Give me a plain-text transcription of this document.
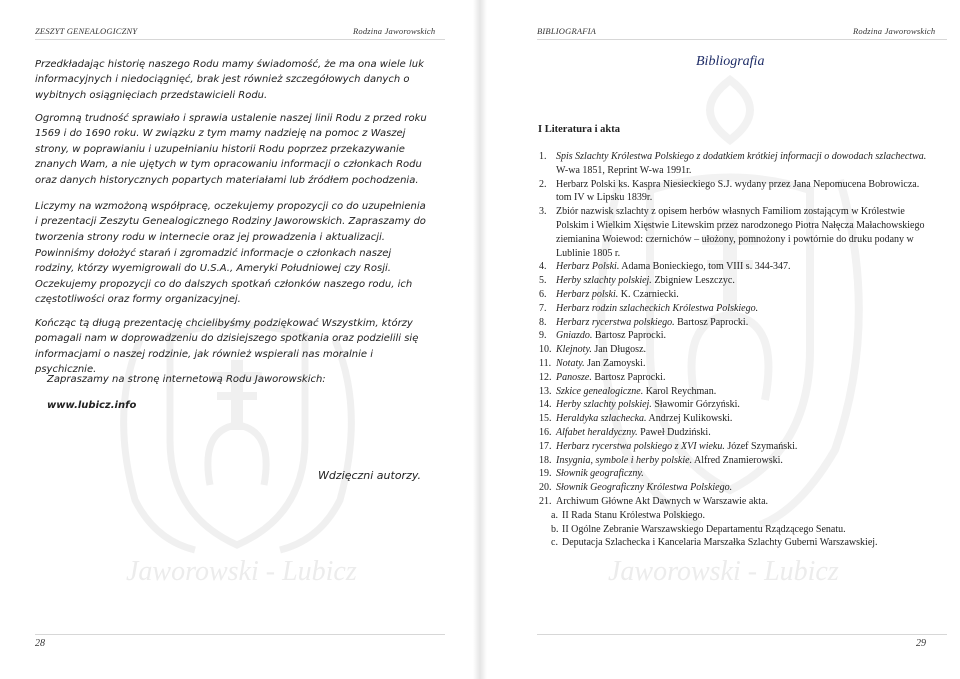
Jaworowski - Lubicz
ZESZYT GENEALOGICZNY	Rodzina Jaworowskich

Przedkładając historię naszego Rodu mamy świadomość, że ma ona wiele luk informacyjnych i niedociągnięć, brak jest również szczegółowych danych o wybitnych osiągnięciach przedstawicieli Rodu.

Ogromną trudność sprawiało i sprawia ustalenie naszej linii Rodu z przed roku 1569 i do 1690 roku. W związku z tym mamy nadzieję na pomoc z Waszej strony, w poprawianiu i uzupełnianiu historii Rodu poprzez przekazywanie znanych Wam, a nie ujętych w tym opracowaniu informacji o członkach Rodu oraz danych historycznych popartych materiałami lub źródłem pochodzenia.

Liczymy na wzmożoną współpracę, oczekujemy propozycji co do uzupełnienia i prezentacji Zeszytu Genealogicznego Rodziny Jaworowskich. Zapraszamy do tworzenia strony rodu w internecie oraz jej prowadzenia i aktualizacji.

Powinniśmy dołożyć starań i zgromadzić informacje o członkach naszej rodziny, którzy wyemigrowali do U.S.A., Ameryki Południowej czy Rosji. Oczekujemy propozycji co do dalszych spotkań członków naszego rodu, ich częstotliwości oraz formy organizacyjnej.

Kończąc tą długą prezentację chcielibyśmy podziękować Wszystkim, którzy pomagali nam w doprowadzeniu do dzisiejszego spotkania oraz podzielili się informacjami o naszej rodzinie, jak również wspierali nas moralnie i psychicznie.

Zapraszamy na stronę internetową Rodu Jaworowskich:

www.lubicz.info
Wdzięczni autorzy.
28
Jaworowski - Lubicz
BIBLIOGRAFIA	Rodzina Jaworowskich
29
Bibliografia
I Literatura i akta
1. Spis Szlachty Królestwa Polskiego z dodatkiem krótkiej informacji o dowodach szlachectwa. W-wa 1851, Reprint W-wa 1991r.
2. Herbarz Polski ks. Kaspra Niesieckiego S.J. wydany przez Jana Nepomucena Bobrowicza. tom IV w Lipsku 1839r.
3. Zbiór nazwisk szlachty z opisem herbów własnych Familiom zostającym w Królestwie Polskim i Wielkim Xięstwie Litewskim przez narodzonego Piotra Nałęcza Małachowskiego ziemianina Woiewod: czernichów – ułożony, pomnożony i powtórnie do druku podany w Lublinie 1805 r.
4. Herbarz Polski. Adama Bonieckiego, tom VIII s. 344-347.
5. Herby szlachty polskiej. Zbigniew Leszczyc.
6. Herbarz polski. K. Czarniecki.
7. Herbarz rodzin szlacheckich Królestwa Polskiego.
8. Herbarz rycerstwa polskiego. Bartosz Paprocki.
9. Gniazdo. Bartosz Paprocki.
10. Klejnoty. Jan Długosz.
11. Notaty. Jan Zamoyski.
12. Panosze. Bartosz Paprocki.
13. Szkice genealogiczne. Karol Reychman.
14. Herby szlachty polskiej. Sławomir Górzyński.
15. Heraldyka szlachecka. Andrzej Kulikowski.
16. Alfabet heraldyczny. Paweł Dudziński.
17. Herbarz rycerstwa polskiego z XVI wieku. Józef Szymański.
18. Insygnia, symbole i herby polskie. Alfred Znamierowski.
19. Słownik geograficzny.
20. Słownik Geograficzny Królestwa Polskiego.
21. Archiwum Główne Akt Dawnych w Warszawie akta.
a. II Rada Stanu Królestwa Polskiego.
b. II Ogólne Zebranie Warszawskiego Departamentu Rządzącego Senatu.
c. Deputacja Szlachecka i Kancelaria Marszałka Szlachty Guberni Warszawskiej.
